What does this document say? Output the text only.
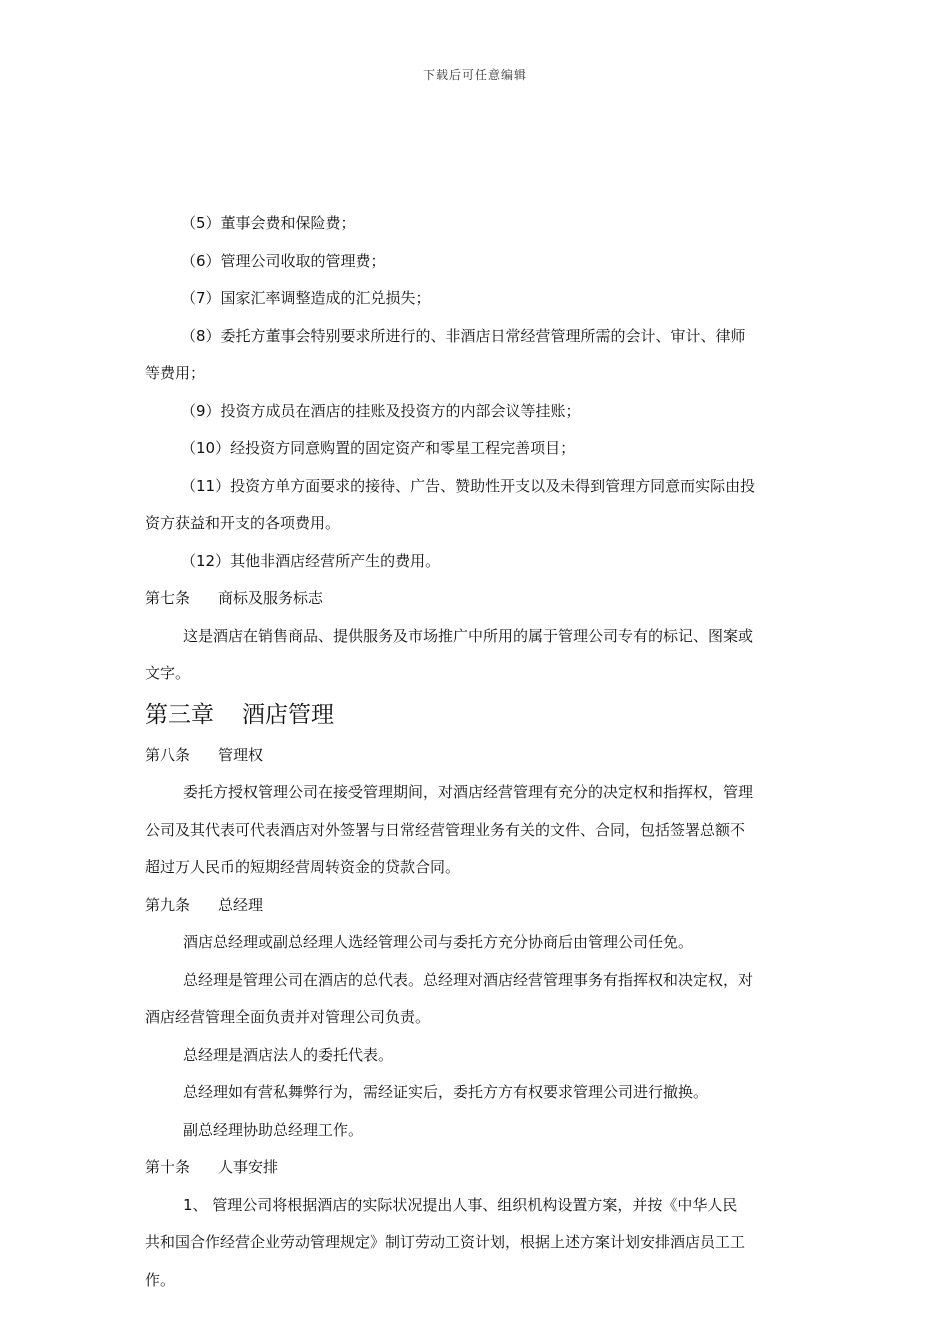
下载后可任意编辑
（5）董事会费和保险费；
（6）管理公司收取的管理费；
（7）国家汇率调整造成的汇兑损失；
（8）委托方董事会特别要求所进行的、非酒店日常经营管理所需的会计、审计、律师
等费用；
（9）投资方成员在酒店的挂账及投资方的内部会议等挂账；
（10）经投资方同意购置的固定资产和零星工程完善项目；
（11）投资方单方面要求的接待、广告、赞助性开支以及未得到管理方同意而实际由投
资方获益和开支的各项费用。
（12）其他非酒店经营所产生的费用。
第七条 商标及服务标志
这是酒店在销售商品、提供服务及市场推广中所用的属于管理公司专有的标记、图案或
文字。
第三章 酒店管理
第八条 管理权
委托方授权管理公司在接受管理期间，对酒店经营管理有充分的决定权和指挥权，管理
公司及其代表可代表酒店对外签署与日常经营管理业务有关的文件、合同，包括签署总额不
超过万人民币的短期经营周转资金的贷款合同。
第九条 总经理
酒店总经理或副总经理人选经管理公司与委托方充分协商后由管理公司任免。
总经理是管理公司在酒店的总代表。总经理对酒店经营管理事务有指挥权和决定权，对
酒店经营管理全面负责并对管理公司负责。
总经理是酒店法人的委托代表。
总经理如有营私舞弊行为，需经证实后，委托方方有权要求管理公司进行撤换。
副总经理协助总经理工作。
第十条 人事安排
1、 管理公司将根据酒店的实际状况提出人事、组织机构设置方案，并按《中华人民
共和国合作经营企业劳动管理规定》制订劳动工资计划，根据上述方案计划安排酒店员工工
作。
